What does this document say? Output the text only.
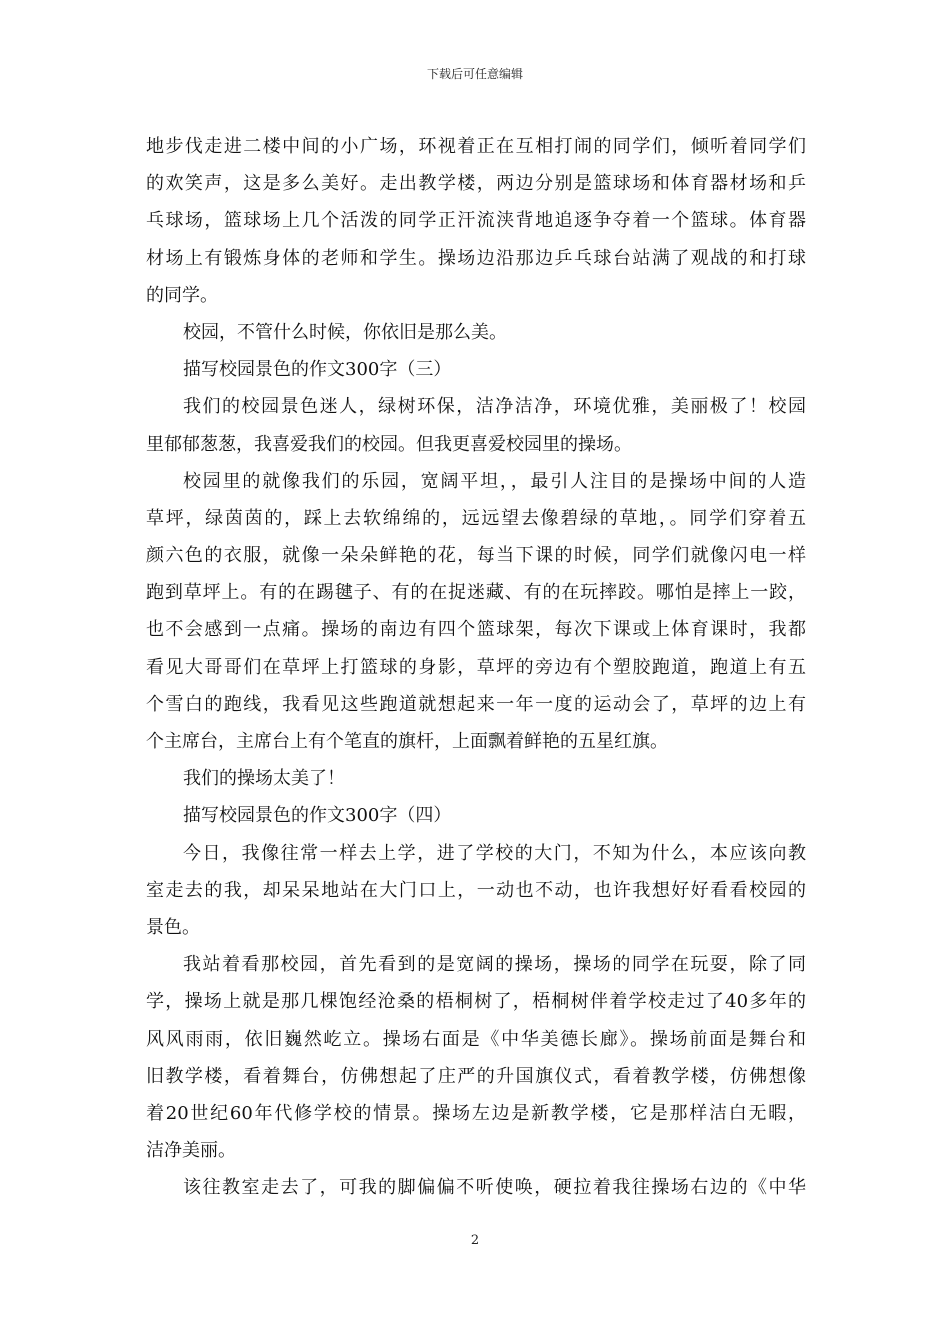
下载后可任意编辑
地步伐走进二楼中间的小广场，环视着正在互相打闹的同学们，倾听着同学们
的欢笑声，这是多么美好。走出教学楼，两边分别是篮球场和体育器材场和乒
乓球场，篮球场上几个活泼的同学正汗流浃背地追逐争夺着一个篮球。体育器
材场上有锻炼身体的老师和学生。操场边沿那边乒乓球台站满了观战的和打球
的同学。
校园，不管什么时候，你依旧是那么美。
描写校园景色的作文300字（三）
我们的校园景色迷人，绿树环保，洁净洁净，环境优雅，美丽极了！校园
里郁郁葱葱，我喜爱我们的校园。但我更喜爱校园里的操场。
校园里的就像我们的乐园，宽阔平坦，，最引人注目的是操场中间的人造
草坪，绿茵茵的，踩上去软绵绵的，远远望去像碧绿的草地，。同学们穿着五
颜六色的衣服，就像一朵朵鲜艳的花，每当下课的时候，同学们就像闪电一样
跑到草坪上。有的在踢毽子、有的在捉迷藏、有的在玩摔跤。哪怕是摔上一跤，
也不会感到一点痛。操场的南边有四个篮球架，每次下课或上体育课时，我都
看见大哥哥们在草坪上打篮球的身影，草坪的旁边有个塑胶跑道，跑道上有五
个雪白的跑线，我看见这些跑道就想起来一年一度的运动会了，草坪的边上有
个主席台，主席台上有个笔直的旗杆，上面飘着鲜艳的五星红旗。
我们的操场太美了！
描写校园景色的作文300字（四）
今日，我像往常一样去上学，进了学校的大门，不知为什么，本应该向教
室走去的我，却呆呆地站在大门口上，一动也不动，也许我想好好看看校园的
景色。
我站着看那校园，首先看到的是宽阔的操场，操场的同学在玩耍，除了同
学，操场上就是那几棵饱经沧桑的梧桐树了，梧桐树伴着学校走过了40多年的
风风雨雨，依旧巍然屹立。操场右面是《中华美德长廊》。操场前面是舞台和
旧教学楼，看着舞台，仿佛想起了庄严的升国旗仪式，看着教学楼，仿佛想像
着20世纪60年代修学校的情景。操场左边是新教学楼，它是那样洁白无暇，
洁净美丽。
该往教室走去了，可我的脚偏偏不听使唤，硬拉着我往操场右边的《中华
2
